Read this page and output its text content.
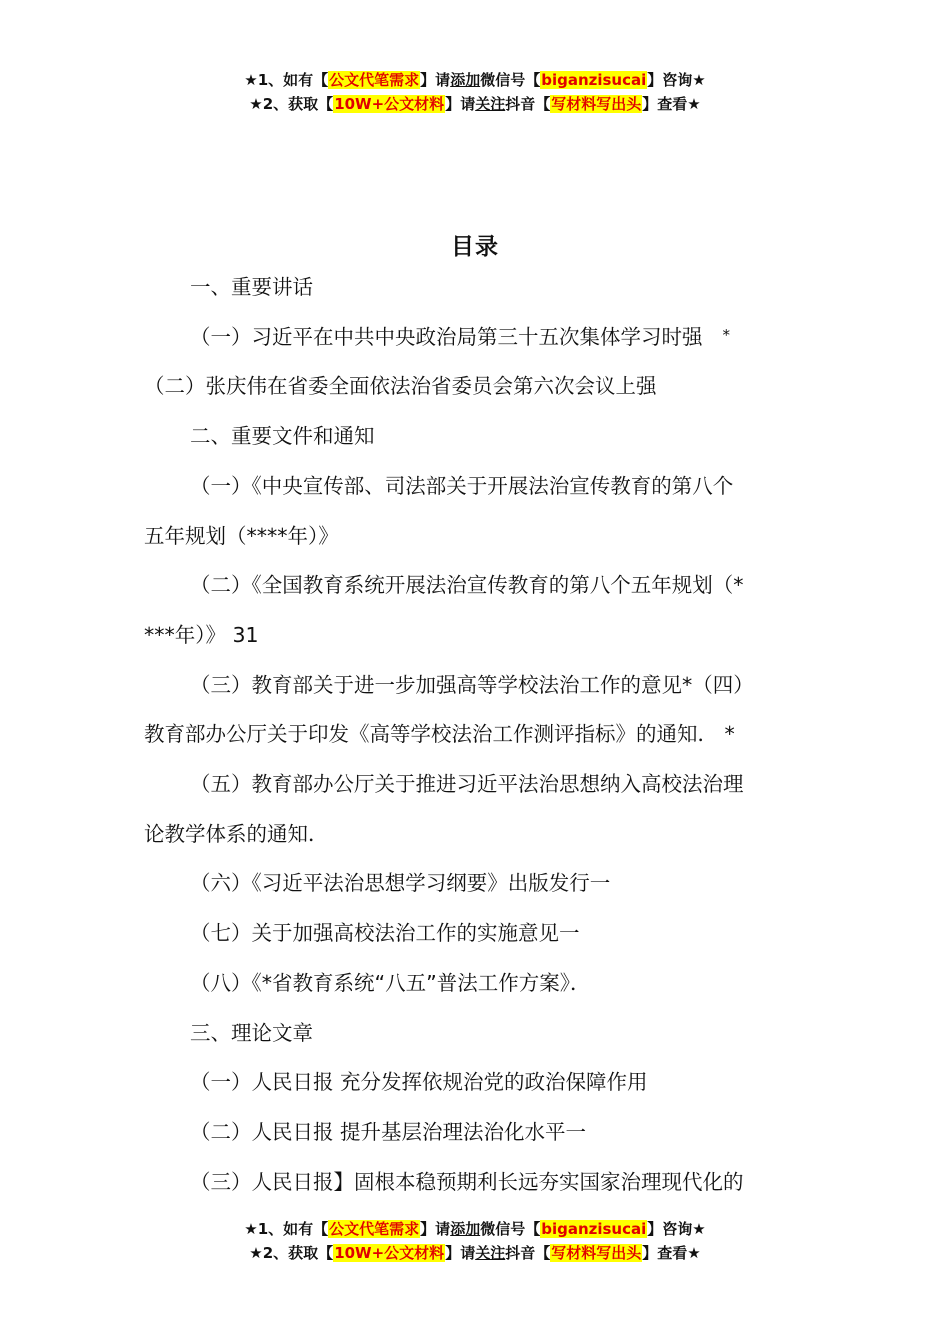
★1、如有【公文代笔需求】请添加微信号【biganzisucai】咨询★
★2、获取【10W+公文材料】请关注抖音【写材料写出头】查看★
目录
一、重要讲话
（一）习近平在中共中央政治局第三十五次集体学习时强 *
（二）张庆伟在省委全面依法治省委员会第六次会议上强
二、重要文件和通知
（一）《中央宣传部、司法部关于开展法治宣传教育的第八个
五年规划（****年）》
（二）《全国教育系统开展法治宣传教育的第八个五年规划（*
***年）》 31
（三）教育部关于进一步加强高等学校法治工作的意见*（四）
教育部办公厅关于印发《高等学校法治工作测评指标》的通知． *
（五）教育部办公厅关于推进习近平法治思想纳入高校法治理
论教学体系的通知．
（六）《习近平法治思想学习纲要》出版发行一
（七）关于加强高校法治工作的实施意见一
（八）《*省教育系统“八五”普法工作方案》．
三、理论文章
（一）人民日报 充分发挥依规治党的政治保障作用
（二）人民日报 提升基层治理法治化水平一
（三）人民日报】固根本稳预期利长远夯实国家治理现代化的
★1、如有【公文代笔需求】请添加微信号【biganzisucai】咨询★
★2、获取【10W+公文材料】请关注抖音【写材料写出头】查看★
